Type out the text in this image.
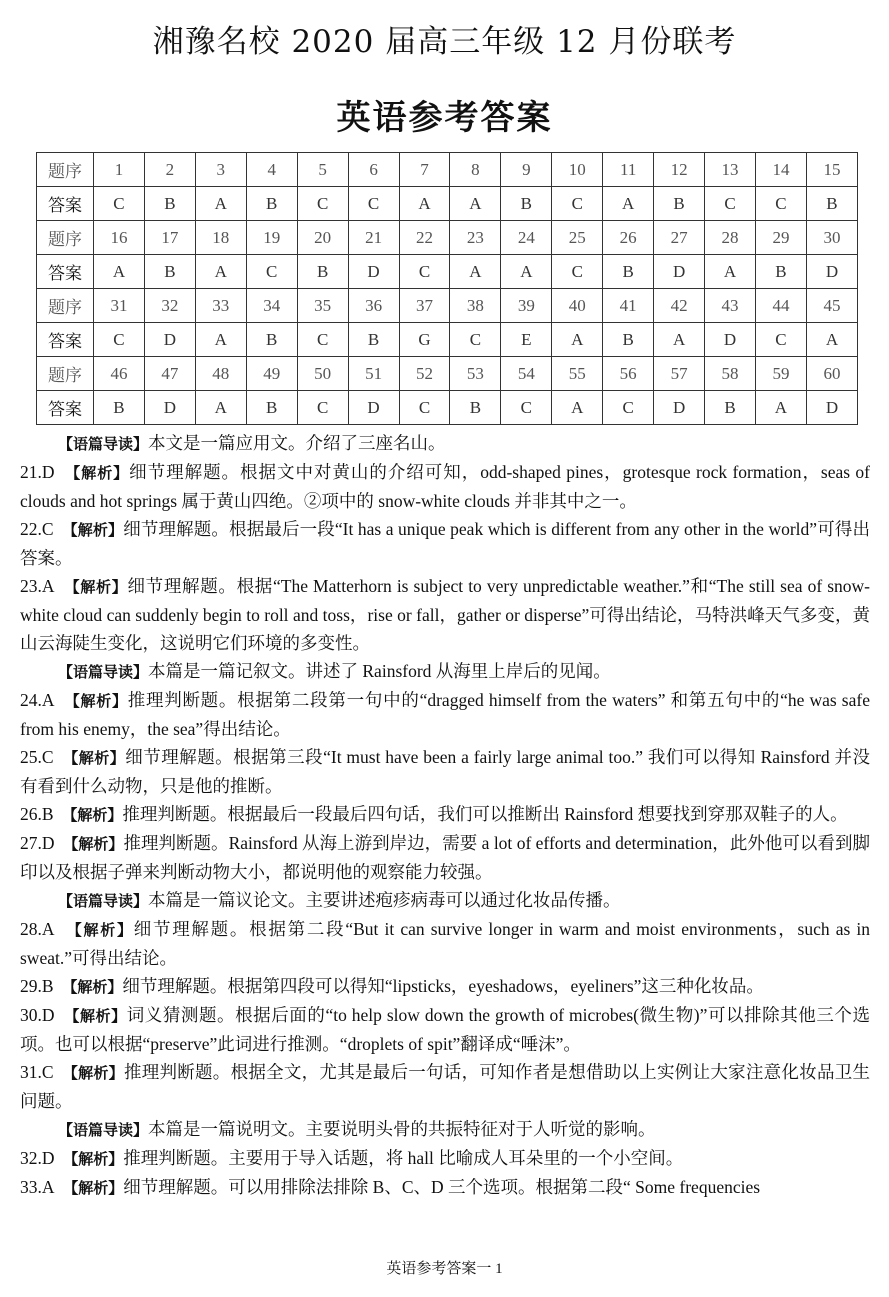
湘豫名校 2020 届高三年级 12 月份联考
英语参考答案
题序	1	2	3	4	5	6	7	8	9	10	11	12	13	14	15
答案	C	B	A	B	C	C	A	A	B	C	A	B	C	C	B
题序	16	17	18	19	20	21	22	23	24	25	26	27	28	29	30
答案	A	B	A	C	B	D	C	A	A	C	B	D	A	B	D
题序	31	32	33	34	35	36	37	38	39	40	41	42	43	44	45
答案	C	D	A	B	C	B	G	C	E	A	B	A	D	C	A
题序	46	47	48	49	50	51	52	53	54	55	56	57	58	59	60
答案	B	D	A	B	C	D	C	B	C	A	C	D	B	A	D

【语篇导读】本文是一篇应用文。介绍了三座名山。

21.D 【解析】细节理解题。根据文中对黄山的介绍可知，odd-shaped pines，grotesque rock formation，seas of clouds and hot springs 属于黄山四绝。②项中的 snow-white clouds 并非其中之一。

22.C 【解析】细节理解题。根据最后一段“It has a unique peak which is different from any other in the world”可得出答案。

23.A 【解析】细节理解题。根据“The Matterhorn is subject to very unpredictable weather.”和“The still sea of snow-white cloud can suddenly begin to roll and toss，rise or fall，gather or disperse”可得出结论，马特洪峰天气多变，黄山云海陡生变化，这说明它们环境的多变性。

【语篇导读】本篇是一篇记叙文。讲述了 Rainsford 从海里上岸后的见闻。

24.A 【解析】推理判断题。根据第二段第一句中的“dragged himself from the waters” 和第五句中的“he was safe from his enemy，the sea”得出结论。

25.C 【解析】细节理解题。根据第三段“It must have been a fairly large animal too.” 我们可以得知 Rainsford 并没有看到什么动物，只是他的推断。

26.B 【解析】推理判断题。根据最后一段最后四句话，我们可以推断出 Rainsford 想要找到穿那双鞋子的人。

27.D 【解析】推理判断题。Rainsford 从海上游到岸边，需要 a lot of efforts and determination，此外他可以看到脚印以及根据子弹来判断动物大小，都说明他的观察能力较强。

【语篇导读】本篇是一篇议论文。主要讲述疱疹病毒可以通过化妆品传播。

28.A 【解析】细节理解题。根据第二段“But it can survive longer in warm and moist environments，such as in sweat.”可得出结论。

29.B 【解析】细节理解题。根据第四段可以得知“lipsticks，eyeshadows，eyeliners”这三种化妆品。

30.D 【解析】词义猜测题。根据后面的“to help slow down the growth of microbes(微生物)”可以排除其他三个选项。也可以根据“preserve”此词进行推测。“droplets of spit”翻译成“唾沫”。

31.C 【解析】推理判断题。根据全文，尤其是最后一句话，可知作者是想借助以上实例让大家注意化妆品卫生问题。

【语篇导读】本篇是一篇说明文。主要说明头骨的共振特征对于人听觉的影响。

32.D 【解析】推理判断题。主要用于导入话题，将 hall 比喻成人耳朵里的一个小空间。

33.A 【解析】细节理解题。可以用排除法排除 B、C、D 三个选项。根据第二段“ Some frequencies

英语参考答案一 1
